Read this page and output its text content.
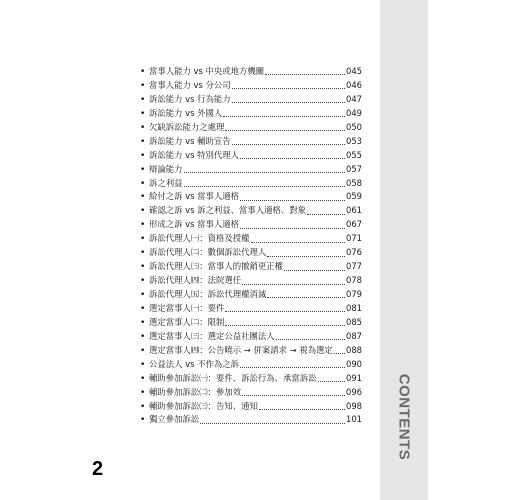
• 當事人能力 vs 中央或地方機關	045
• 當事人能力 vs 分公司	046
• 訴訟能力 vs 行為能力	047
• 訴訟能力 vs 外國人	049
• 欠缺訴訟能力之處理	050
• 訴訟能力 vs 輔助宣告	053
• 訴訟能力 vs 特別代理人	055
• 辯論能力	057
• 訴之利益	058
• 給付之訴 vs 當事人適格	059
• 確認之訴 vs 訴之利益、當事人適格、對象	061
• 形成之訴 vs 當事人適格	067
• 訴訟代理人㈠：資格及授權	071
• 訴訟代理人㈡：數個訴訟代理人	076
• 訴訟代理人㈢：當事人的撤銷更正權	077
• 訴訟代理人㈣：法院選任	078
• 訴訟代理人㈤：訴訟代理權消滅	079
• 選定當事人㈠：要件	081
• 選定當事人㈡：限制	085
• 選定當事人㈢：選定公益社團法人	087
• 選定當事人㈣：公告曉示 → 併案請求 → 視為選定 088
• 公益法人 vs 不作為之訴	090
• 輔助參加訴訟㈠：要件、訴訟行為、承當訴訟	091
• 輔助參加訴訟㈡：參加效	096
• 輔助參加訴訟㈢：告知、通知	098
• 獨立參加訴訟	101 CONTENTS
2
